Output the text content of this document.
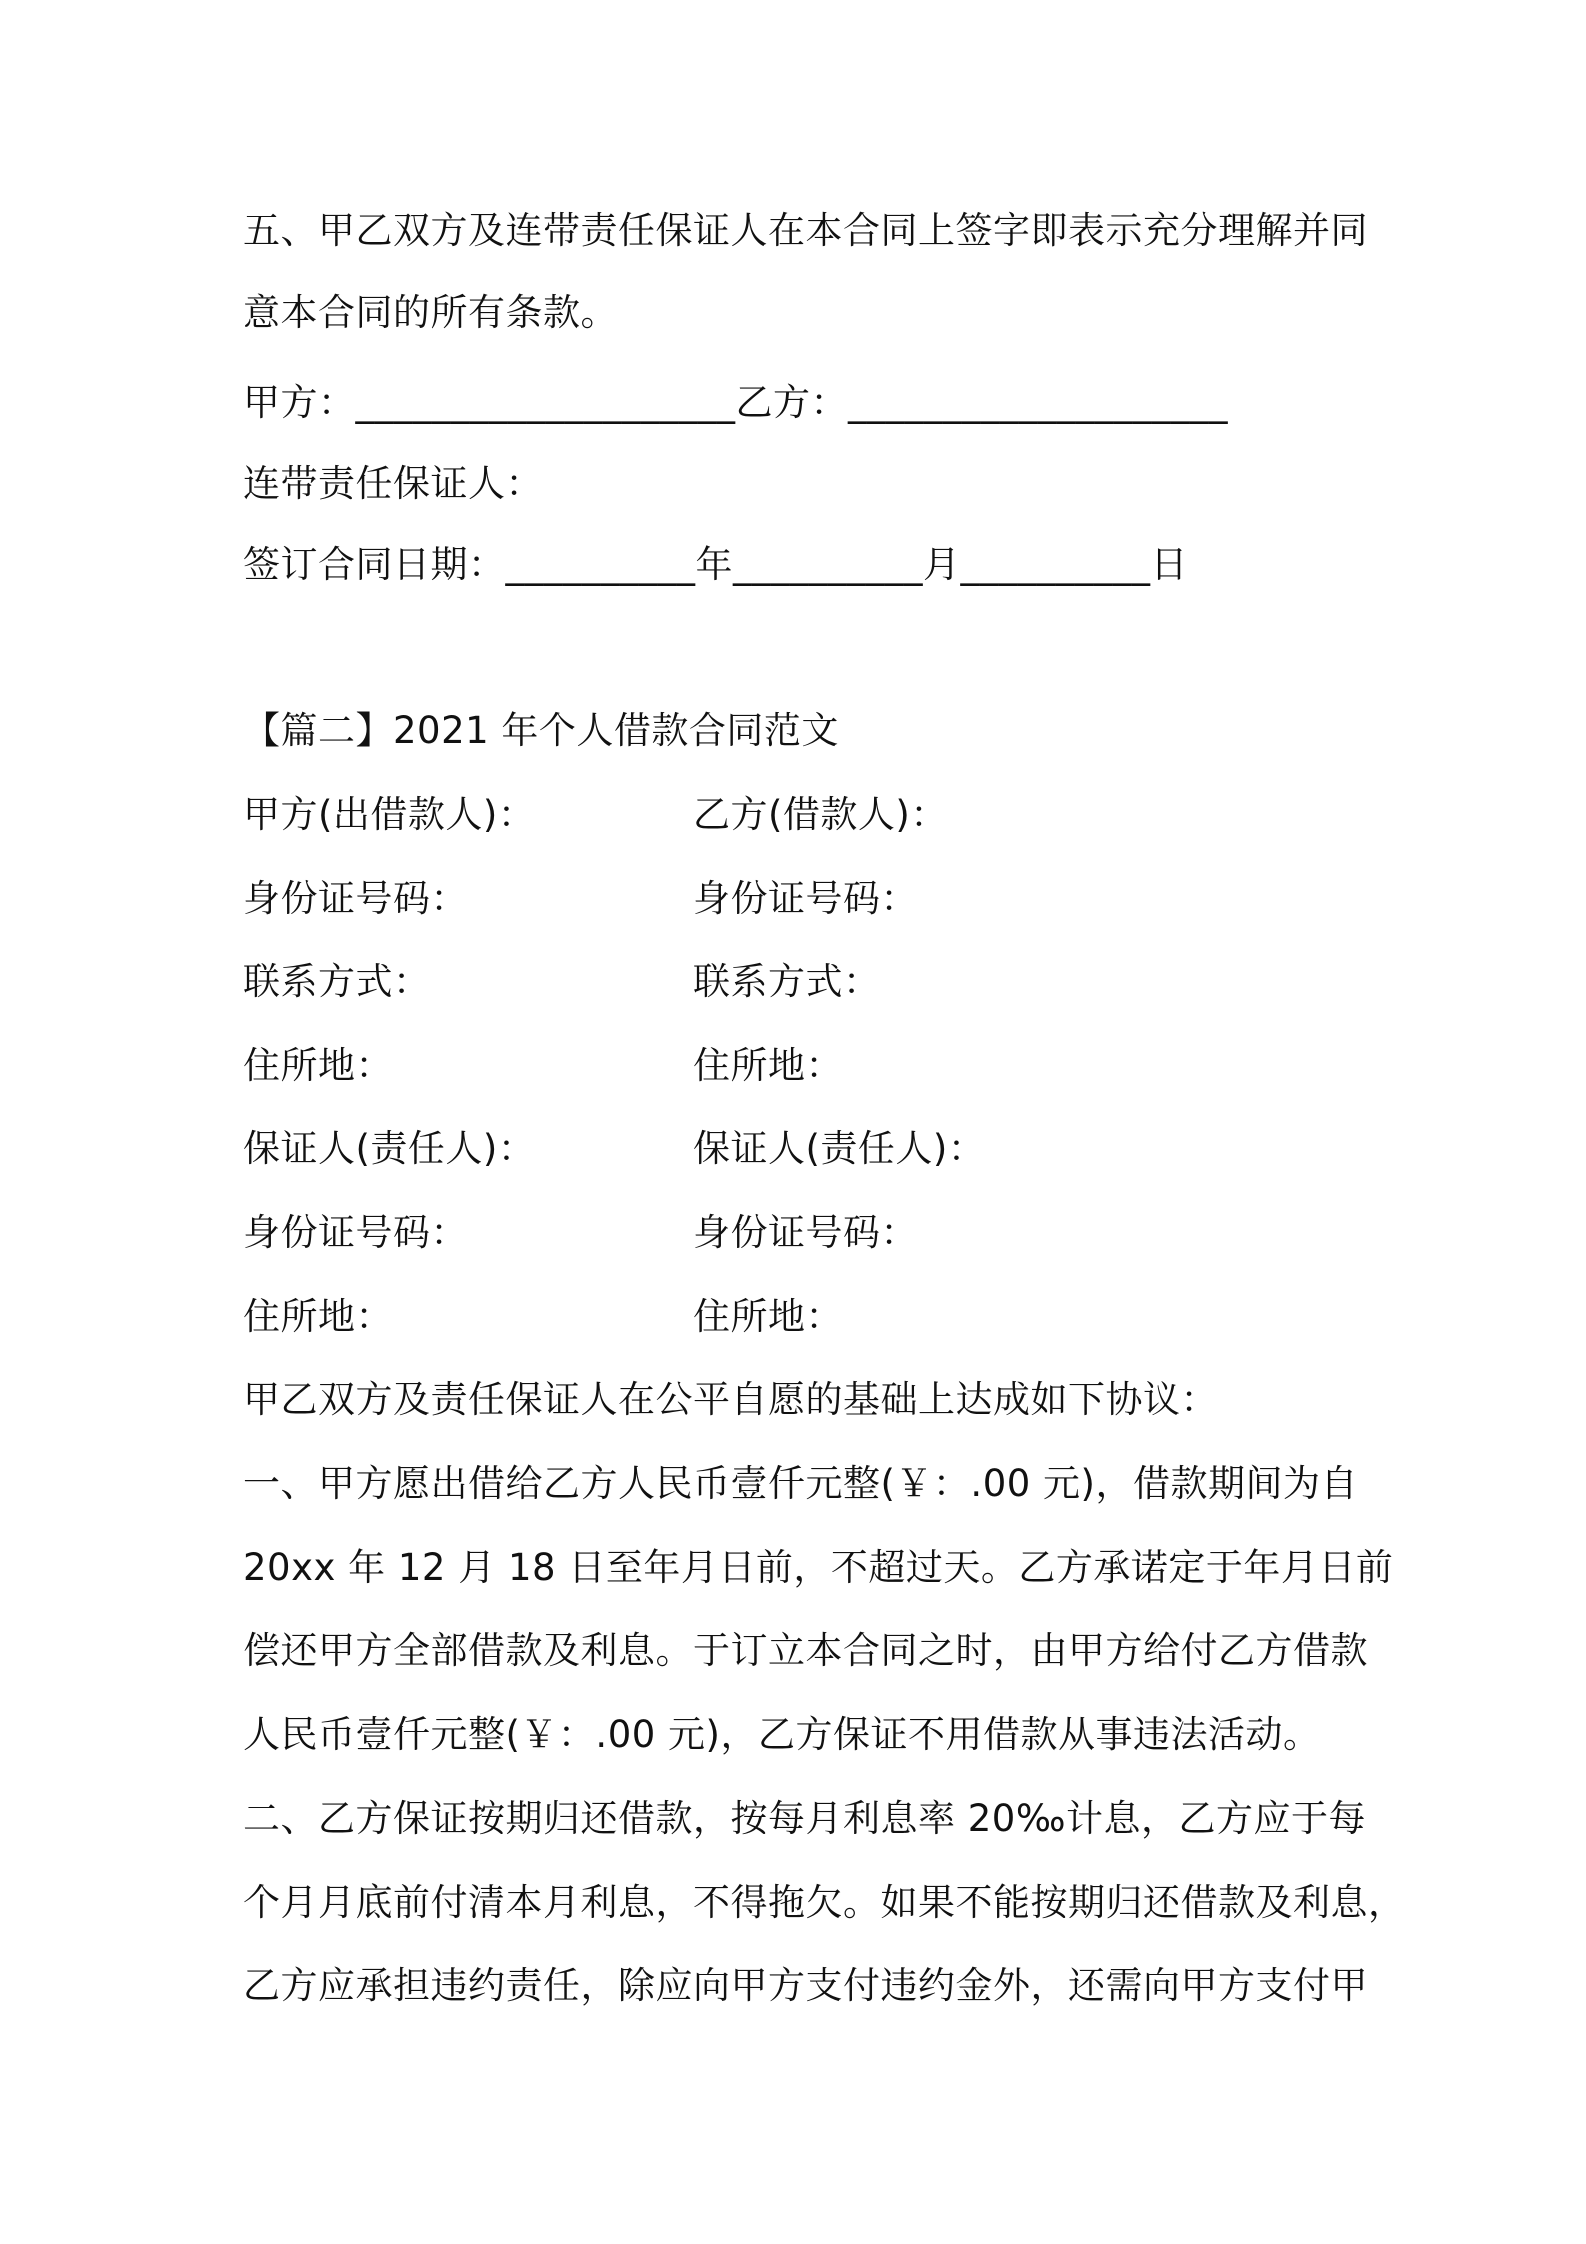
五、甲乙双方及连带责任保证人在本合同上签字即表示充分理解并同
意本合同的所有条款。
甲方：____________________乙方：____________________
连带责任保证人：
签订合同日期：__________年__________月__________日
【篇二】2021 年个人借款合同范文
甲方(出借款人)：	乙方(借款人)：
身份证号码：	身份证号码：
联系方式：	联系方式：
住所地：	住所地：
保证人(责任人)：	保证人(责任人)：
身份证号码：	身份证号码：
住所地：	住所地：
甲乙双方及责任保证人在公平自愿的基础上达成如下协议：
一、甲方愿出借给乙方人民币壹仟元整(￥：.00 元)，借款期间为自
20xx 年 12 月 18 日至年月日前，不超过天。乙方承诺定于年月日前
偿还甲方全部借款及利息。于订立本合同之时，由甲方给付乙方借款
人民币壹仟元整(￥：.00 元)，乙方保证不用借款从事违法活动。
二、乙方保证按期归还借款，按每月利息率 20‰计息，乙方应于每
个月月底前付清本月利息，不得拖欠。如果不能按期归还借款及利息，
乙方应承担违约责任，除应向甲方支付违约金外，还需向甲方支付甲
